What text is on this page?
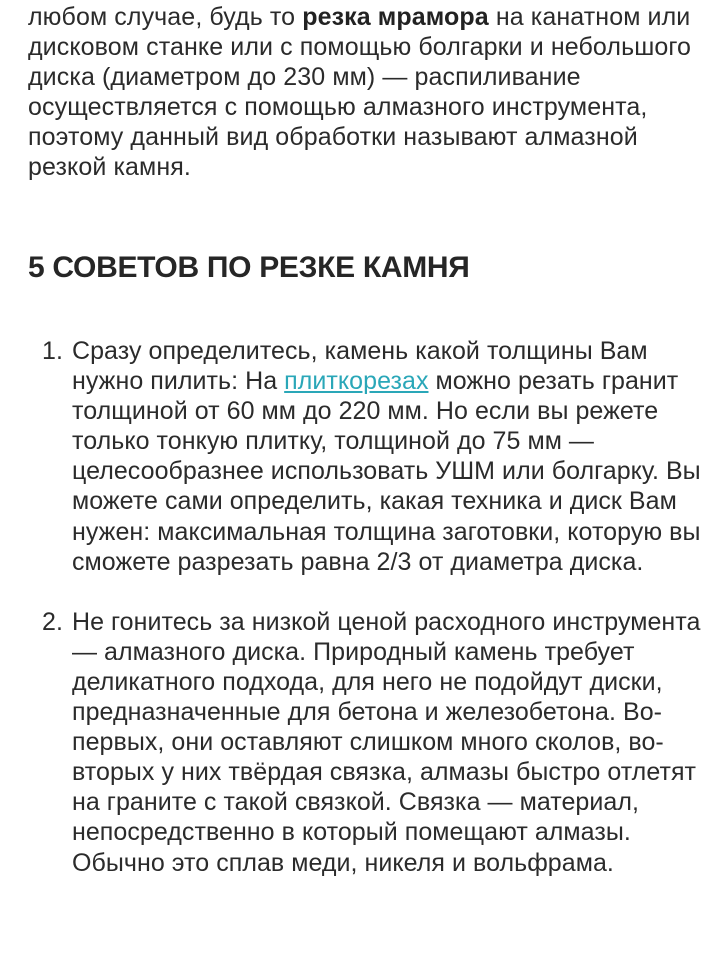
любом случае, будь то резка мрамора на канатном или дисковом станке или с помощью болгарки и небольшого диска (диаметром до 230 мм) — распиливание осуществляется с помощью алмазного инструмента, поэтому данный вид обработки называют алмазной резкой камня.

5 СОВЕТОВ ПО РЕЗКЕ КАМНЯ
1. Сразу определитесь, камень какой толщины Вам нужно пилить: На плиткорезах можно резать гранит толщиной от 60 мм до 220 мм. Но если вы режете только тонкую плитку, толщиной до 75 мм — целесообразнее использовать УШМ или болгарку. Вы можете сами определить, какая техника и диск Вам нужен: максимальная толщина заготовки, которую вы сможете разрезать равна 2/3 от диаметра диска.
2. Не гонитесь за низкой ценой расходного инструмента — алмазного диска. Природный камень требует деликатного подхода, для него не подойдут диски, предназначенные для бетона и железобетона. Во-первых, они оставляют слишком много сколов, во-вторых у них твёрдая связка, алмазы быстро отлетят на граните с такой связкой. Связка — материал, непосредственно в который помещают алмазы. Обычно это сплав меди, никеля и вольфрама.
